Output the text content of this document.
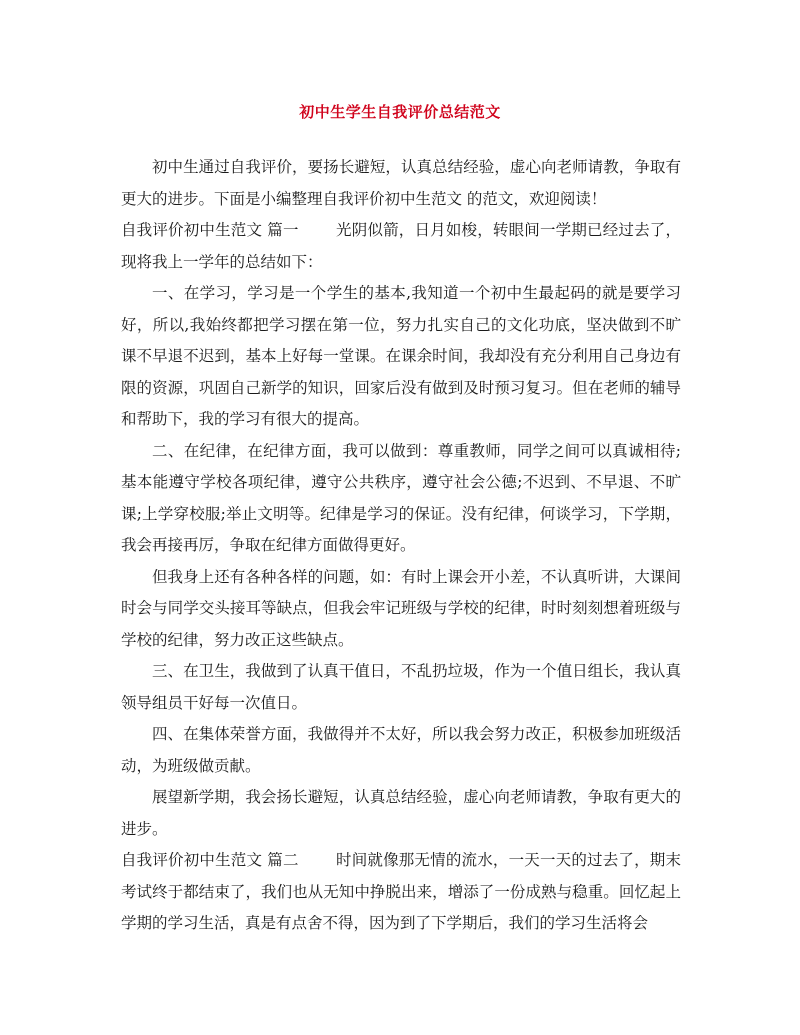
初中生学生自我评价总结范文

初中生通过自我评价，要扬长避短，认真总结经验，虚心向老师请教，争取有更大的进步。下面是小编整理自我评价初中生范文 的范文，欢迎阅读！

自我评价初中生范文 篇一 光阴似箭，日月如梭，转眼间一学期已经过去了，现将我上一学年的总结如下：

一、在学习，学习是一个学生的基本,我知道一个初中生最起码的就是要学习好，所以,我始终都把学习摆在第一位，努力扎实自己的文化功底，坚决做到不旷课不早退不迟到，基本上好每一堂课。在课余时间，我却没有充分利用自己身边有限的资源，巩固自己新学的知识，回家后没有做到及时预习复习。但在老师的辅导和帮助下，我的学习有很大的提高。

二、在纪律，在纪律方面，我可以做到：尊重教师，同学之间可以真诚相待;基本能遵守学校各项纪律，遵守公共秩序，遵守社会公德;不迟到、不早退、不旷课;上学穿校服;举止文明等。纪律是学习的保证。没有纪律，何谈学习，下学期，我会再接再厉，争取在纪律方面做得更好。

但我身上还有各种各样的问题，如：有时上课会开小差，不认真听讲，大课间时会与同学交头接耳等缺点，但我会牢记班级与学校的纪律，时时刻刻想着班级与学校的纪律，努力改正这些缺点。

三、在卫生，我做到了认真干值日，不乱扔垃圾，作为一个值日组长，我认真领导组员干好每一次值日。

四、在集体荣誉方面，我做得并不太好，所以我会努力改正，积极参加班级活动，为班级做贡献。

展望新学期，我会扬长避短，认真总结经验，虚心向老师请教，争取有更大的进步。

自我评价初中生范文 篇二 时间就像那无情的流水，一天一天的过去了，期末考试终于都结束了，我们也从无知中挣脱出来，增添了一份成熟与稳重。回忆起上学期的学习生活，真是有点舍不得，因为到了下学期后，我们的学习生活将会
